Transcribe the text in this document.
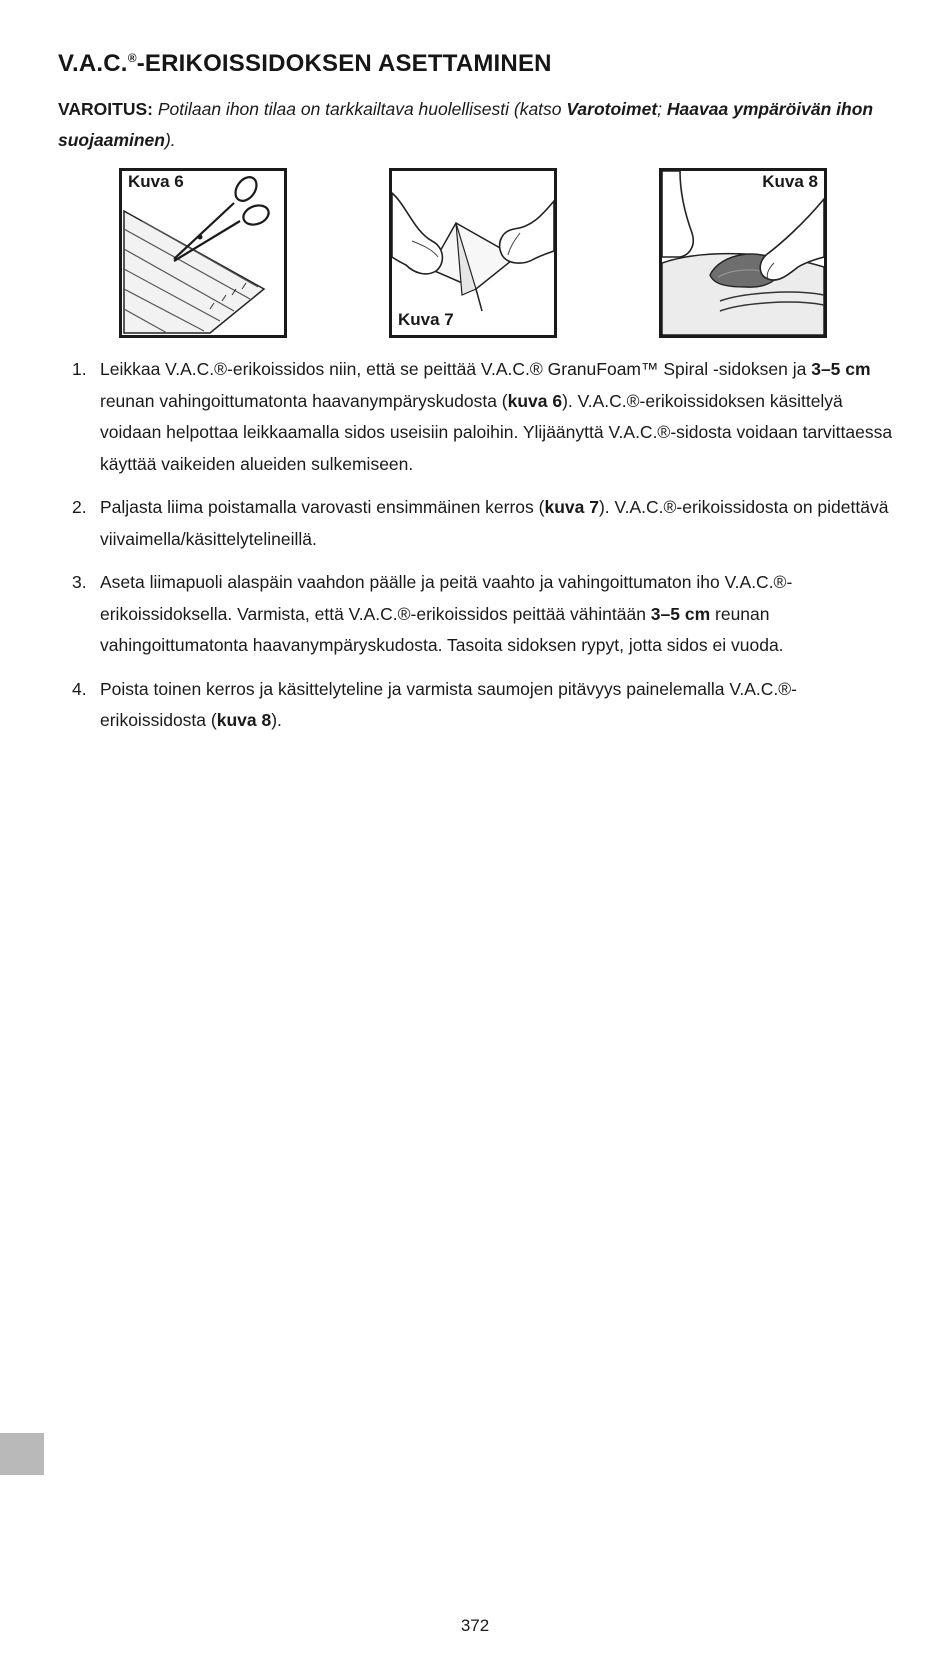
V.A.C.®-ERIKOISSIDOKSEN ASETTAMINEN

VAROITUS: Potilaan ihon tilaa on tarkkailtava huolellisesti (katso Varotoimet; Haavaa ympäröivän ihon suojaaminen).

Kuva 6
Kuva 7
Kuva 8
1. Leikkaa V.A.C.®-erikoissidos niin, että se peittää V.A.C.® GranuFoam™ Spiral -sidoksen ja 3–5 cm reunan vahingoittumatonta haavanympäryskudosta (kuva 6). V.A.C.®-erikoissidoksen käsittelyä voidaan helpottaa leikkaamalla sidos useisiin paloihin. Ylijäänyttä V.A.C.®-sidosta voidaan tarvittaessa käyttää vaikeiden alueiden sulkemiseen.
2. Paljasta liima poistamalla varovasti ensimmäinen kerros (kuva 7). V.A.C.®-erikoissidosta on pidettävä viivaimella/käsittelytelineillä.
3. Aseta liimapuoli alaspäin vaahdon päälle ja peitä vaahto ja vahingoittumaton iho V.A.C.®-erikoissidoksella. Varmista, että V.A.C.®-erikoissidos peittää vähintään 3–5 cm reunan vahingoittumatonta haavanympäryskudosta. Tasoita sidoksen rypyt, jotta sidos ei vuoda.
4. Poista toinen kerros ja käsittelyteline ja varmista saumojen pitävyys painelemalla V.A.C.®-erikoissidosta (kuva 8).
372
